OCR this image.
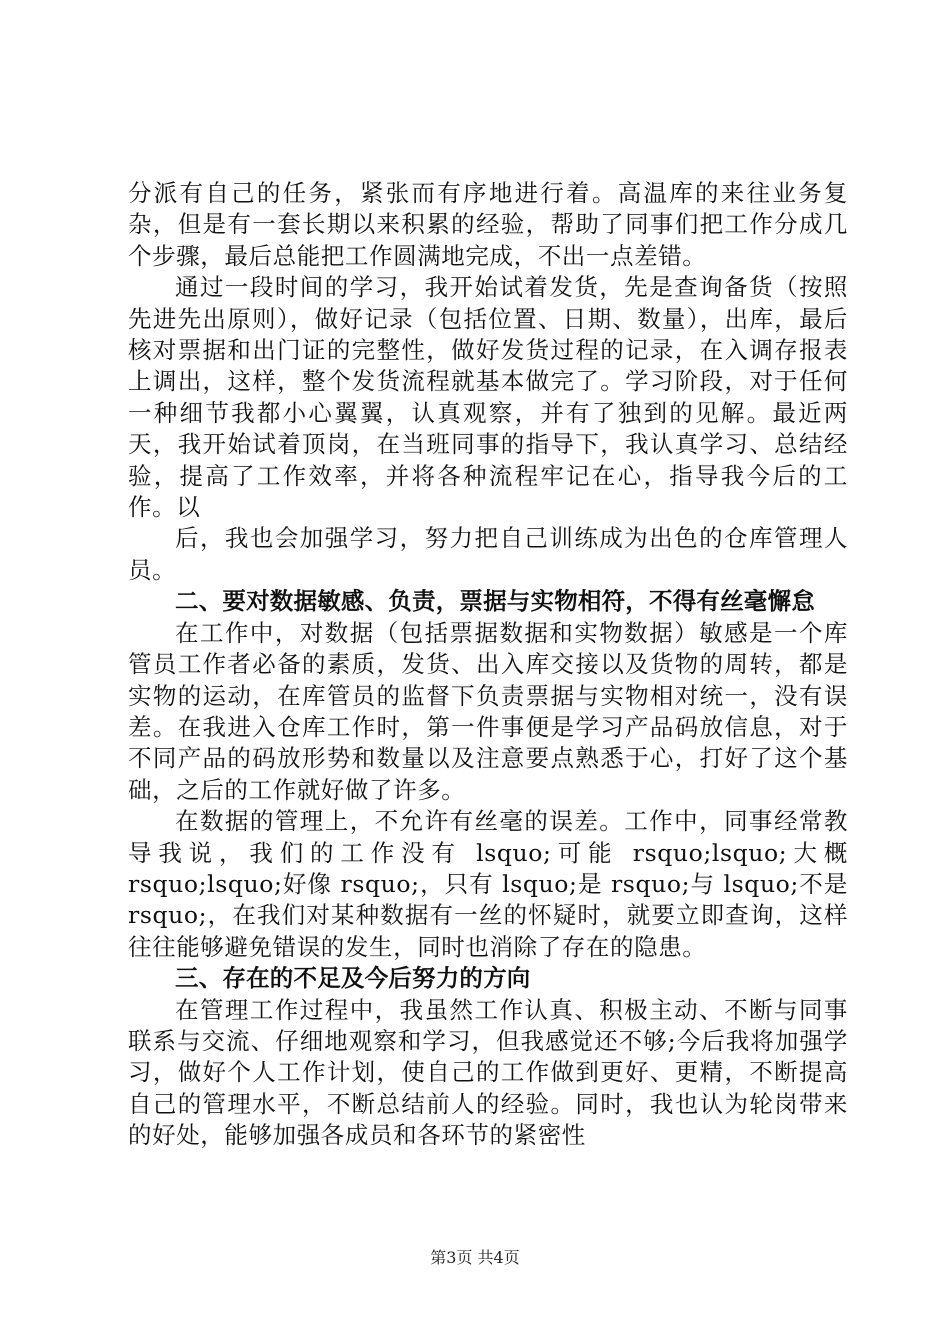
分派有自己的任务，紧张而有序地进行着。高温库的来往业务复杂，但是有一套长期以来积累的经验，帮助了同事们把工作分成几个步骤，最后总能把工作圆满地完成，不出一点差错。

通过一段时间的学习，我开始试着发货，先是查询备货（按照先进先出原则），做好记录（包括位置、日期、数量），出库，最后核对票据和出门证的完整性，做好发货过程的记录，在入调存报表上调出，这样，整个发货流程就基本做完了。学习阶段，对于任何一种细节我都小心翼翼，认真观察，并有了独到的见解。最近两天，我开始试着顶岗，在当班同事的指导下，我认真学习、总结经验，提高了工作效率，并将各种流程牢记在心，指导我今后的工作。以

后，我也会加强学习，努力把自己训练成为出色的仓库管理人员。

二、要对数据敏感、负责，票据与实物相符，不得有丝毫懈怠

在工作中，对数据（包括票据数据和实物数据）敏感是一个库管员工作者必备的素质，发货、出入库交接以及货物的周转，都是实物的运动，在库管员的监督下负责票据与实物相对统一，没有误差。在我进入仓库工作时，第一件事便是学习产品码放信息，对于不同产品的码放形势和数量以及注意要点熟悉于心，打好了这个基础，之后的工作就好做了许多。

在数据的管理上，不允许有丝毫的误差。工作中，同事经常教导我说，我们的工作没有 lsquo;可能 rsquo;lsquo;大概 rsquo;lsquo;好像 rsquo;，只有 lsquo;是 rsquo;与 lsquo;不是 rsquo;，在我们对某种数据有一丝的怀疑时，就要立即查询，这样往往能够避免错误的发生，同时也消除了存在的隐患。

三、存在的不足及今后努力的方向

在管理工作过程中，我虽然工作认真、积极主动、不断与同事联系与交流、仔细地观察和学习，但我感觉还不够;今后我将加强学习，做好个人工作计划，使自己的工作做到更好、更精，不断提高自己的管理水平，不断总结前人的经验。同时，我也认为轮岗带来的好处，能够加强各成员和各环节的紧密性

第3页 共4页
